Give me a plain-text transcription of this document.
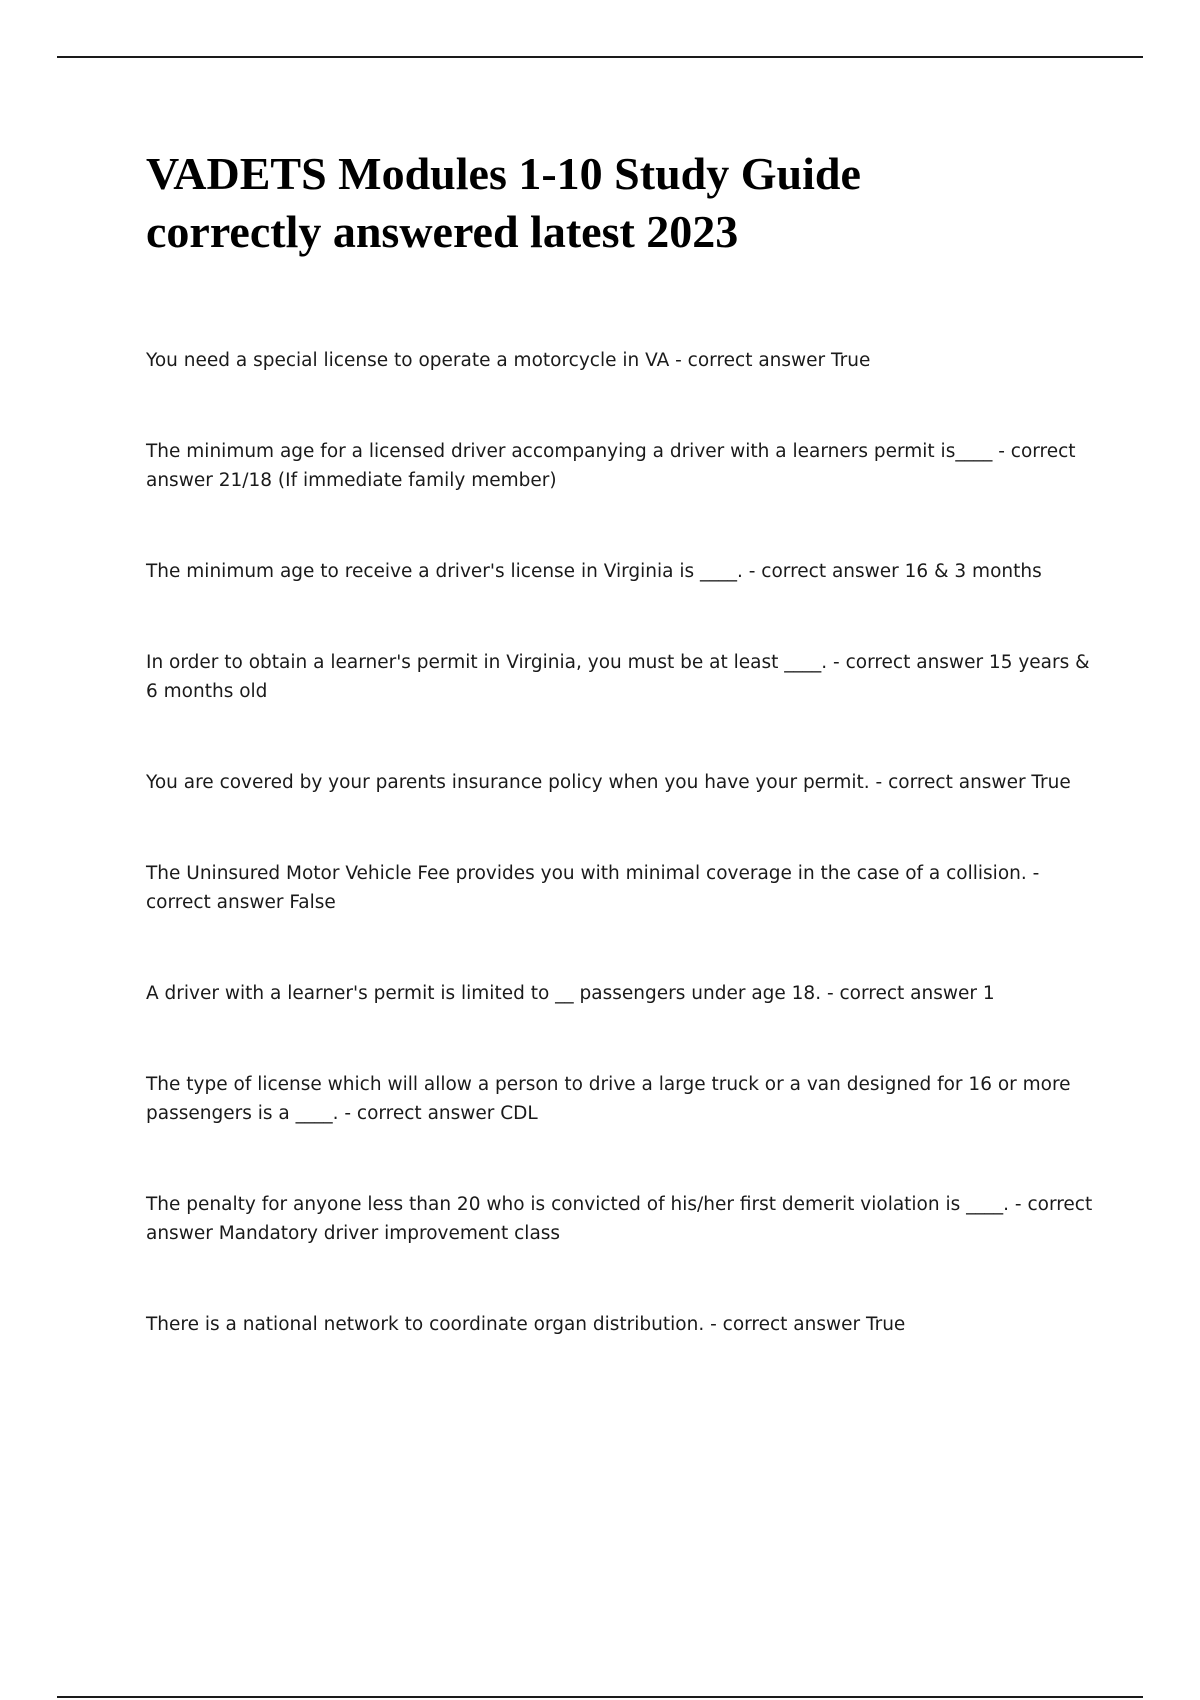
VADETS Modules 1-10 Study Guide
correctly answered latest 2023
You need a special license to operate a motorcycle in VA - correct answer True
The minimum age for a licensed driver accompanying a driver with a learners permit is____ - correct answer 21/18 (If immediate family member)
The minimum age to receive a driver's license in Virginia is ____. - correct answer 16 & 3 months
In order to obtain a learner's permit in Virginia, you must be at least ____. - correct answer 15 years & 6 months old
You are covered by your parents insurance policy when you have your permit. - correct answer True
The Uninsured Motor Vehicle Fee provides you with minimal coverage in the case of a collision. - correct answer False
A driver with a learner's permit is limited to __ passengers under age 18. - correct answer 1
The type of license which will allow a person to drive a large truck or a van designed for 16 or more passengers is a ____. - correct answer CDL
The penalty for anyone less than 20 who is convicted of his/her first demerit violation is ____. - correct answer Mandatory driver improvement class
There is a national network to coordinate organ distribution. - correct answer True
